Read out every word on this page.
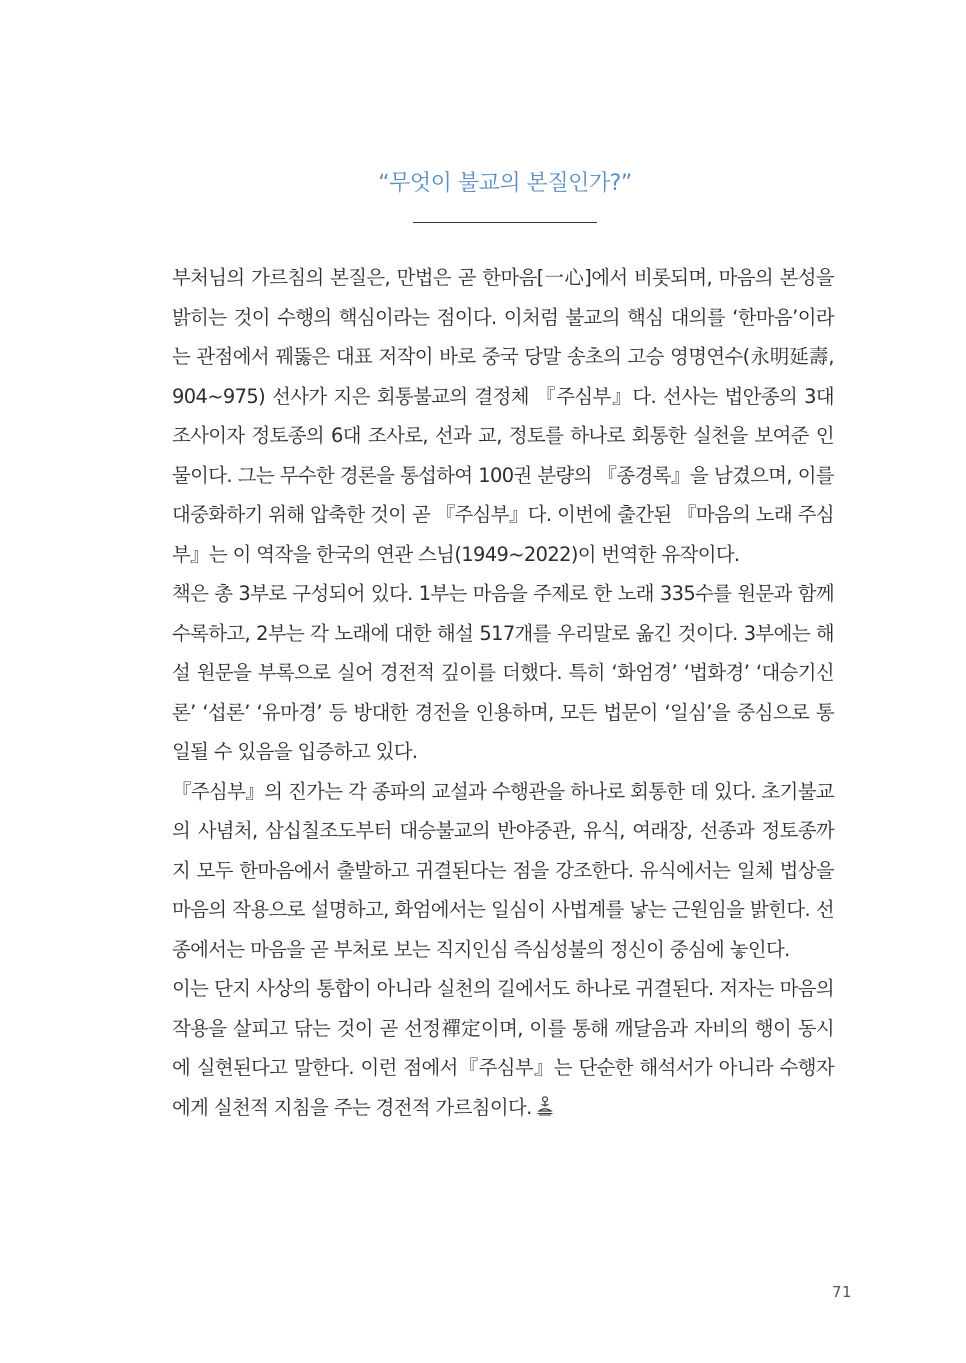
“무엇이 불교의 본질인가?”

부처님의 가르침의 본질은, 만법은 곧 한마음[一心]에서 비롯되며, 마음의 본성을 밝히는 것이 수행의 핵심이라는 점이다. 이처럼 불교의 핵심 대의를 ‘한마음’이라는 관점에서 꿰뚫은 대표 저작이 바로 중국 당말 송초의 고승 영명연수(永明延壽, 904~975) 선사가 지은 회통불교의 결정체 『주심부』다. 선사는 법안종의 3대 조사이자 정토종의 6대 조사로, 선과 교, 정토를 하나로 회통한 실천을 보여준 인물이다. 그는 무수한 경론을 통섭하여 100권 분량의 『종경록』을 남겼으며, 이를 대중화하기 위해 압축한 것이 곧 『주심부』다. 이번에 출간된 『마음의 노래 주심부』는 이 역작을 한국의 연관 스님(1949~2022)이 번역한 유작이다.

책은 총 3부로 구성되어 있다. 1부는 마음을 주제로 한 노래 335수를 원문과 함께 수록하고, 2부는 각 노래에 대한 해설 517개를 우리말로 옮긴 것이다. 3부에는 해설 원문을 부록으로 실어 경전적 깊이를 더했다. 특히 ‘화엄경’ ‘법화경’ ‘대승기신론’ ‘섭론’ ‘유마경’ 등 방대한 경전을 인용하며, 모든 법문이 ‘일심’을 중심으로 통일될 수 있음을 입증하고 있다.

『주심부』의 진가는 각 종파의 교설과 수행관을 하나로 회통한 데 있다. 초기불교의 사념처, 삼십칠조도부터 대승불교의 반야중관, 유식, 여래장, 선종과 정토종까지 모두 한마음에서 출발하고 귀결된다는 점을 강조한다. 유식에서는 일체 법상을 마음의 작용으로 설명하고, 화엄에서는 일심이 사법계를 낳는 근원임을 밝힌다. 선종에서는 마음을 곧 부처로 보는 직지인심 즉심성불의 정신이 중심에 놓인다.

이는 단지 사상의 통합이 아니라 실천의 길에서도 하나로 귀결된다. 저자는 마음의 작용을 살피고 닦는 것이 곧 선정禪定이며, 이를 통해 깨달음과 자비의 행이 동시에 실현된다고 말한다. 이런 점에서『주심부』는 단순한 해석서가 아니라 수행자에게 실천적 지침을 주는 경전적 가르침이다.

71
